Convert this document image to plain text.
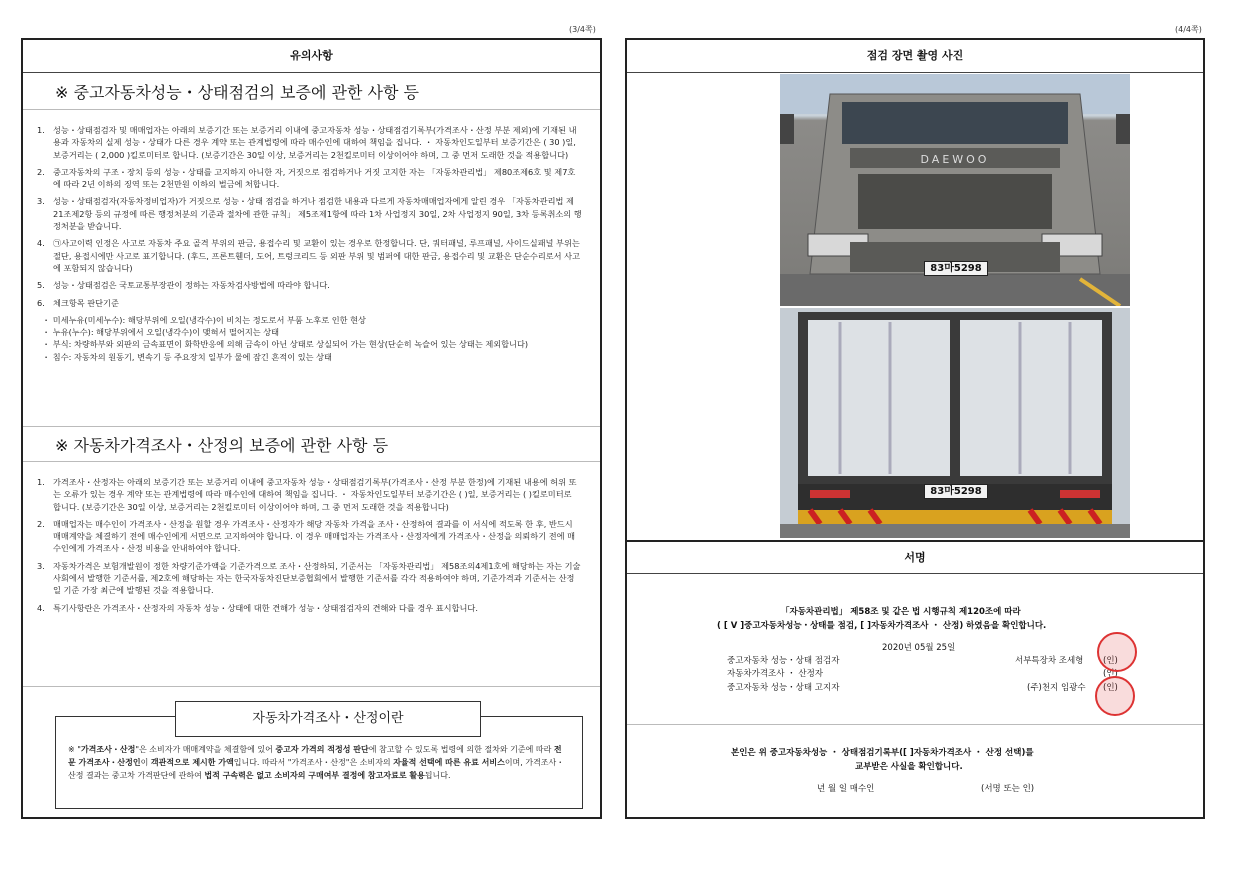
(3/4쪽)	(4/4쪽)
유의사항
※ 중고자동차성능・상태점검의 보증에 관한 사항 등
1. 성능・상태점검자 및 매매업자는 아래의 보증기간 또는 보증거리 이내에 중고자동차 성능・상태점검기록부(가격조사・산정 부분 제외)에 기재된 내용과 자동차의 실제 성능・상태가 다른 경우 계약 또는 관계법령에 따라 매수인에 대하여 책임을 집니다. ・ 자동차인도일부터 보증기간은 ( 30 )일, 보증거리는 ( 2,000 )킬로미터로 합니다. (보증기간은 30일 이상, 보증거리는 2천킬로미터 이상이어야 하며, 그 중 먼저 도래한 것을 적용합니다)
2. 중고자동차의 구조・장치 등의 성능・상태를 고지하지 아니한 자, 거짓으로 점검하거나 거짓 고지한 자는 「자동차관리법」 제80조제6호 및 제7호에 따라 2년 이하의 징역 또는 2천만원 이하의 벌금에 처합니다.
3. 성능・상태점검자(자동차정비업자)가 거짓으로 성능・상태 점검을 하거나 점검한 내용과 다르게 자동차매매업자에게 알린 경우 「자동차관리법 제21조제2항 등의 규정에 따른 행정처분의 기준과 절차에 관한 규칙」 제5조제1항에 따라 1차 사업정지 30일, 2차 사업정지 90일, 3차 등록취소의 행정처분을 받습니다.
4. ㉠사고이력 인정은 사고로 자동차 주요 골격 부위의 판금, 용접수리 및 교환이 있는 경우로 한정합니다. 단, 쿼터패널, 루프패널, 사이드실패널 부위는 절단, 용접시에만 사고로 표기합니다. (후드, 프론트휀더, 도어, 트렁크리드 등 외판 부위 및 범퍼에 대한 판금, 용접수리 및 교환은 단순수리로서 사고에 포함되지 않습니다)
5. 성능・상태점검은 국토교통부장관이 정하는 자동차검사방법에 따라야 합니다.
6. 체크항목 판단기준
・ 미세누유(미세누수): 해당부위에 오일(냉각수)이 비치는 정도로서 부품 노후로 인한 현상
・ 누유(누수): 해당부위에서 오일(냉각수)이 맺혀서 떨어지는 상태
・ 부식: 차량하부와 외판의 금속표면이 화학반응에 의해 금속이 아닌 상태로 상실되어 가는 현상(단순히 녹슬어 있는 상태는 제외합니다)
・ 침수: 자동차의 원동기, 변속기 등 주요장치 일부가 물에 잠긴 흔적이 있는 상태
※ 자동차가격조사・산정의 보증에 관한 사항 등
1. 가격조사・산정자는 아래의 보증기간 또는 보증거리 이내에 중고자동차 성능・상태점검기록부(가격조사・산정 부분 한정)에 기재된 내용에 허위 또는 오류가 있는 경우 계약 또는 관계법령에 따라 매수인에 대하여 책임을 집니다. ・ 자동차인도일부터 보증기간은 ( )일, 보증거리는 ( )킬로미터로 합니다. (보증기간은 30일 이상, 보증거리는 2천킬로미터 이상이어야 하며, 그 중 먼저 도래한 것을 적용합니다)
2. 매매업자는 매수인이 가격조사・산정을 원할 경우 가격조사・산정자가 해당 자동차 가격을 조사・산정하여 결과를 이 서식에 적도록 한 후, 반드시 매매계약을 체결하기 전에 매수인에게 서면으로 고지하여야 합니다. 이 경우 매매업자는 가격조사・산정자에게 가격조사・산정을 의뢰하기 전에 매수인에게 가격조사・산정 비용을 안내하여야 합니다.
3. 자동차가격은 보험개발원이 정한 차량기준가액을 기준가격으로 조사・산정하되, 기준서는 「자동차관리법」 제58조의4제1호에 해당하는 자는 기술사회에서 발행한 기준서를, 제2호에 해당하는 자는 한국자동차진단보증협회에서 발행한 기준서를 각각 적용하여야 하며, 기준가격과 기준서는 산정일 기준 가장 최근에 발행된 것을 적용합니다.
4. 특기사항란은 가격조사・산정자의 자동차 성능・상태에 대한 견해가 성능・상태점검자의 견해와 다를 경우 표시합니다.
자동차가격조사・산정이란
※ "가격조사・산정"은 소비자가 매매계약을 체결함에 있어 중고자 가격의 적정성 판단에 참고할 수 있도록 법령에 의한 절차와 기준에 따라 전문 가격조사・산정인이 객관적으로 제시한 가액입니다. 따라서 "가격조사・산정"은 소비자의 자율적 선택에 따른 유료 서비스이며, 가격조사・산정 결과는 중고차 가격판단에 관하여 법적 구속력은 없고 소비자의 구매여부 결정에 참고자료로 활용됩니다.
점검 장면 촬영 사진
DAEWOO
83마5298
83마5298
서명
「자동차관리법」 제58조 및 같은 법 시행규칙 제120조에 따라
( [ V ]중고자동차성능・상태를 점검, [ ]자동차가격조사 ・ 산정) 하였음을 확인합니다.
2020년 05월 25일
중고자동차 성능・상태 점검자	서부특장차 조세형 (인)
자동차가격조사 ・ 산정자	(인)
중고자동차 성능・상태 고지자	(주)천지 임광수 (인)
본인은 위 중고자동차성능 ・ 상태점검기록부([ ]자동차가격조사 ・ 산정 선택)를
교부받은 사실을 확인합니다.
년 월 일 매수인	(서명 또는 인)
